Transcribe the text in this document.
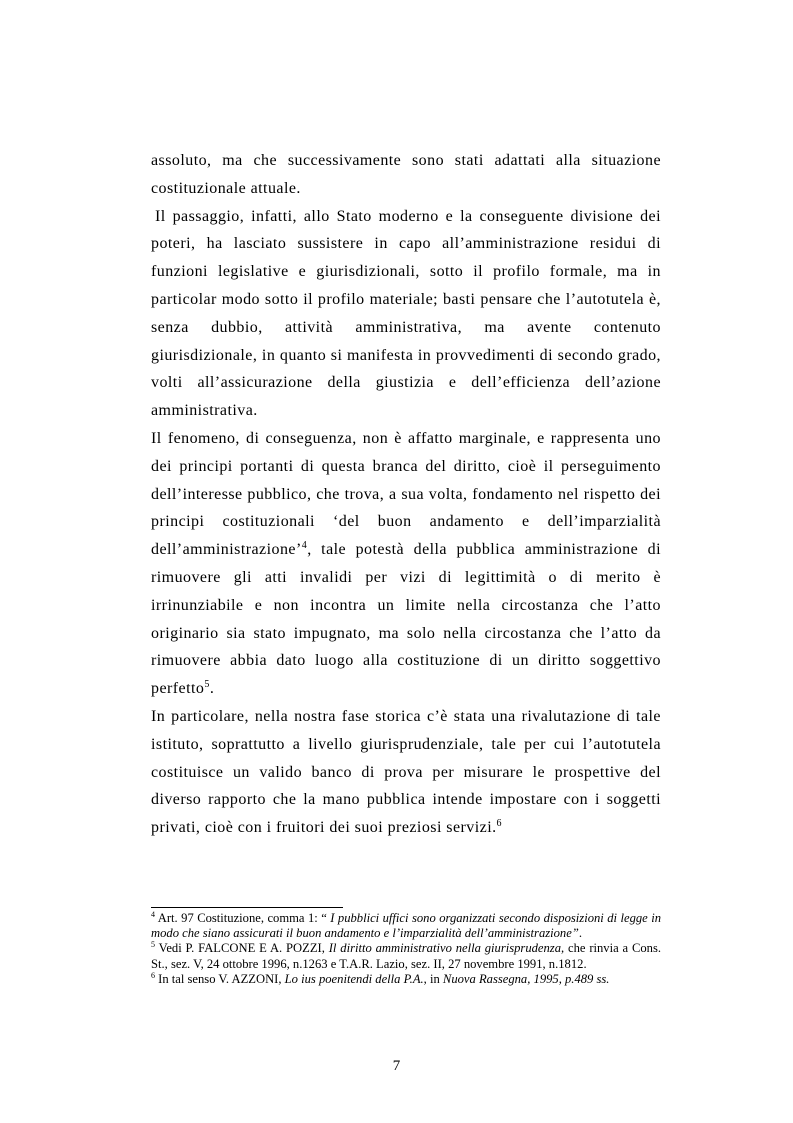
assoluto, ma che successivamente sono stati adattati alla situazione costituzionale attuale.

Il passaggio, infatti, allo Stato moderno e la conseguente divisione dei poteri, ha lasciato sussistere in capo all’amministrazione residui di funzioni legislative e giurisdizionali, sotto il profilo formale, ma in particolar modo sotto il profilo materiale; basti pensare che l’autotutela è, senza dubbio, attività amministrativa, ma avente contenuto giurisdizionale, in quanto si manifesta in provvedimenti di secondo grado, volti all’assicurazione della giustizia e dell’efficienza dell’azione amministrativa.

Il fenomeno, di conseguenza, non è affatto marginale, e rappresenta uno dei principi portanti di questa branca del diritto, cioè il perseguimento dell’interesse pubblico, che trova, a sua volta, fondamento nel rispetto dei principi costituzionali ‘del buon andamento e dell’imparzialità dell’amministrazione’$^4$, tale potestà della pubblica amministrazione di rimuovere gli atti invalidi per vizi di legittimità o di merito è irrinunziabile e non incontra un limite nella circostanza che l’atto originario sia stato impugnato, ma solo nella circostanza che l’atto da rimuovere abbia dato luogo alla costituzione di un diritto soggettivo perfetto$^5$.

In particolare, nella nostra fase storica c’è stata una rivalutazione di tale istituto, soprattutto a livello giurisprudenziale, tale per cui l’autotutela costituisce un valido banco di prova per misurare le prospettive del diverso rapporto che la mano pubblica intende impostare con i soggetti privati, cioè con i fruitori dei suoi preziosi servizi.$^6$

$^4$ Art. 97 Costituzione, comma 1: “ I pubblici uffici sono organizzati secondo disposizioni di legge in modo che siano assicurati il buon andamento e l’imparzialità dell’amministrazione”.

$^5$ Vedi P. FALCONE E A. POZZI, Il diritto amministrativo nella giurisprudenza, che rinvia a Cons. St., sez. V, 24 ottobre 1996, n.1263 e T.A.R. Lazio, sez. II, 27 novembre 1991, n.1812.

$^6$ In tal senso V. AZZONI, Lo ius poenitendi della P.A., in Nuova Rassegna, 1995, p.489 ss.

7
